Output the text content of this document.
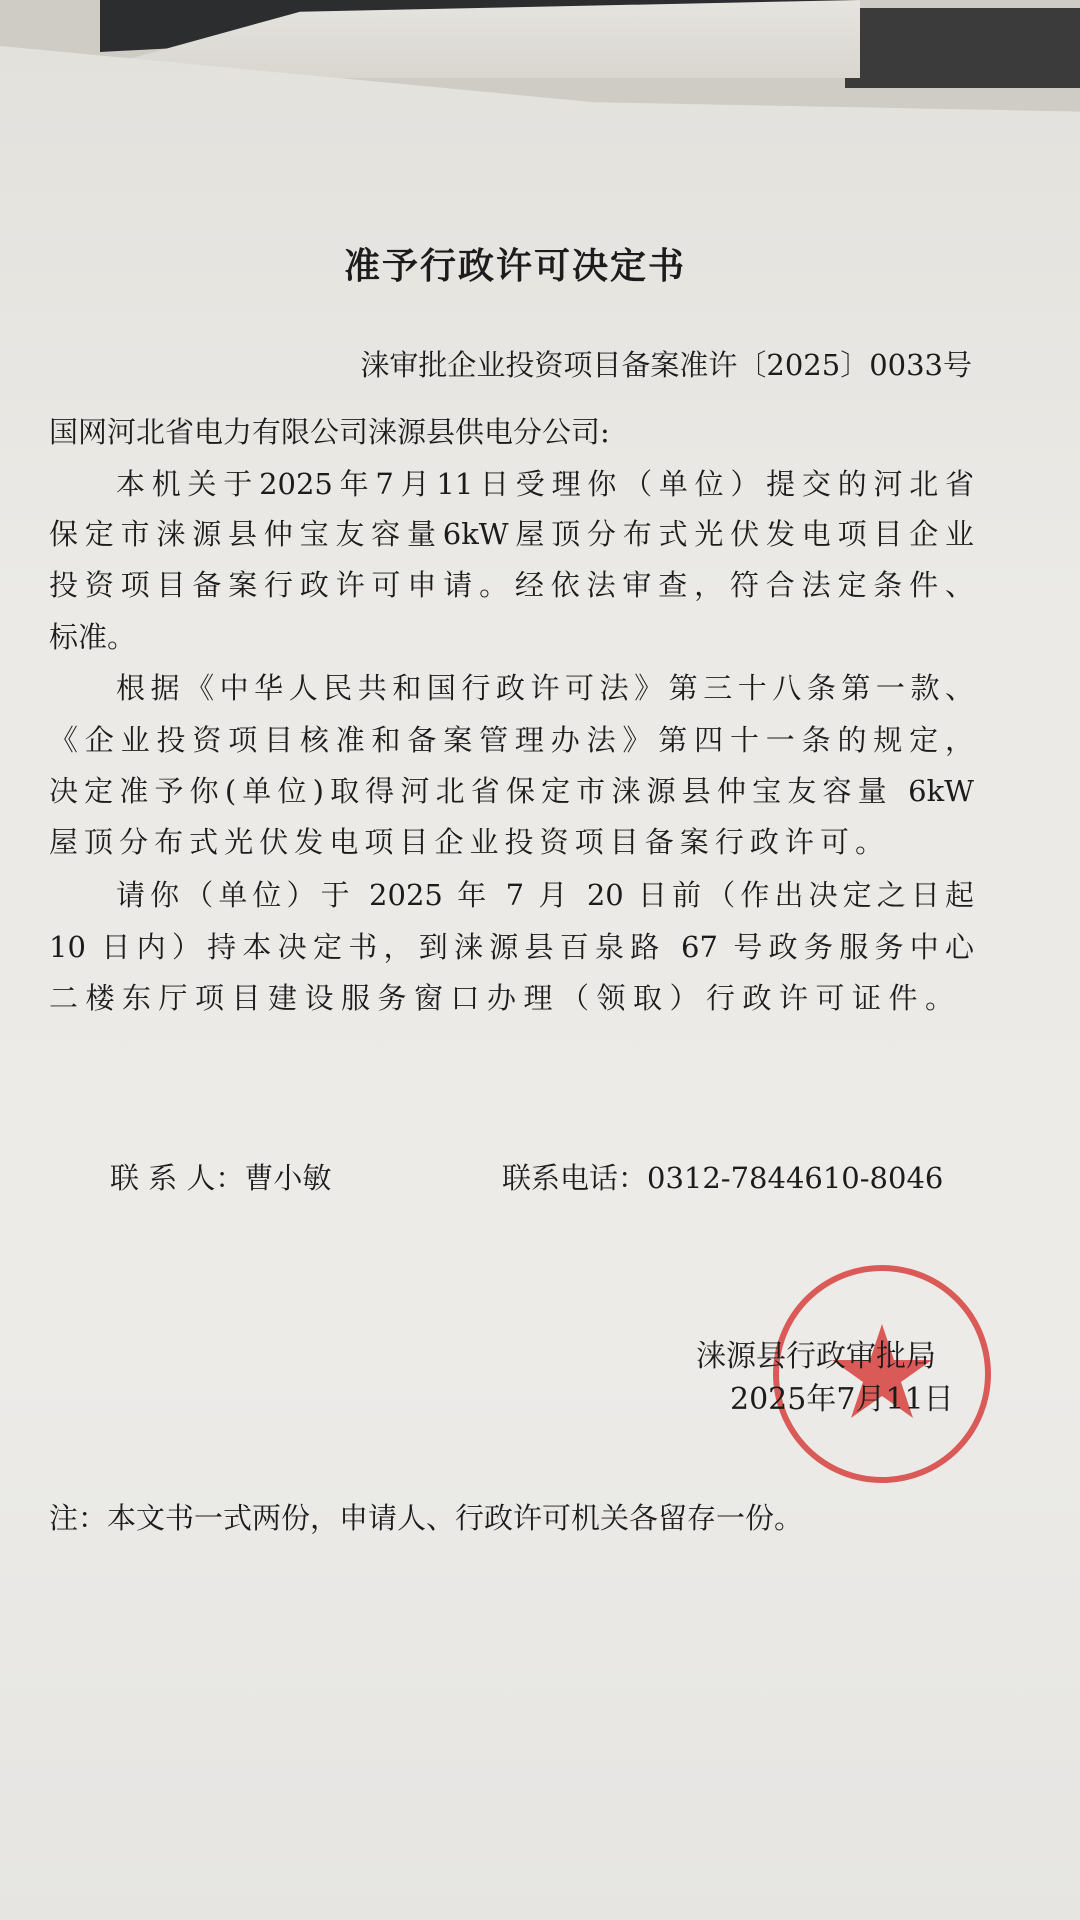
准予行政许可决定书
涞审批企业投资项目备案准许〔2025〕0033号
国网河北省电力有限公司涞源县供电分公司:
本机关于2025年7月11日受理你（单位）提交的河北省
保定市涞源县仲宝友容量6kW屋顶分布式光伏发电项目企业
投资项目备案行政许可申请。经依法审查，符合法定条件、
标准。
根据《中华人民共和国行政许可法》第三十八条第一款、
《企业投资项目核准和备案管理办法》第四十一条的规定，
决定准予你(单位)取得河北省保定市涞源县仲宝友容量 6kW
屋顶分布式光伏发电项目企业投资项目备案行政许可。
请你（单位）于 2025 年 7 月 20 日前（作出决定之日起
10 日内）持本决定书，到涞源县百泉路 67 号政务服务中心
二楼东厅项目建设服务窗口办理（领取）行政许可证件。
联 系 人：曹小敏	联系电话：0312-7844610-8046
涞源县行政审批局
2025年7月11日
注：本文书一式两份，申请人、行政许可机关各留存一份。
